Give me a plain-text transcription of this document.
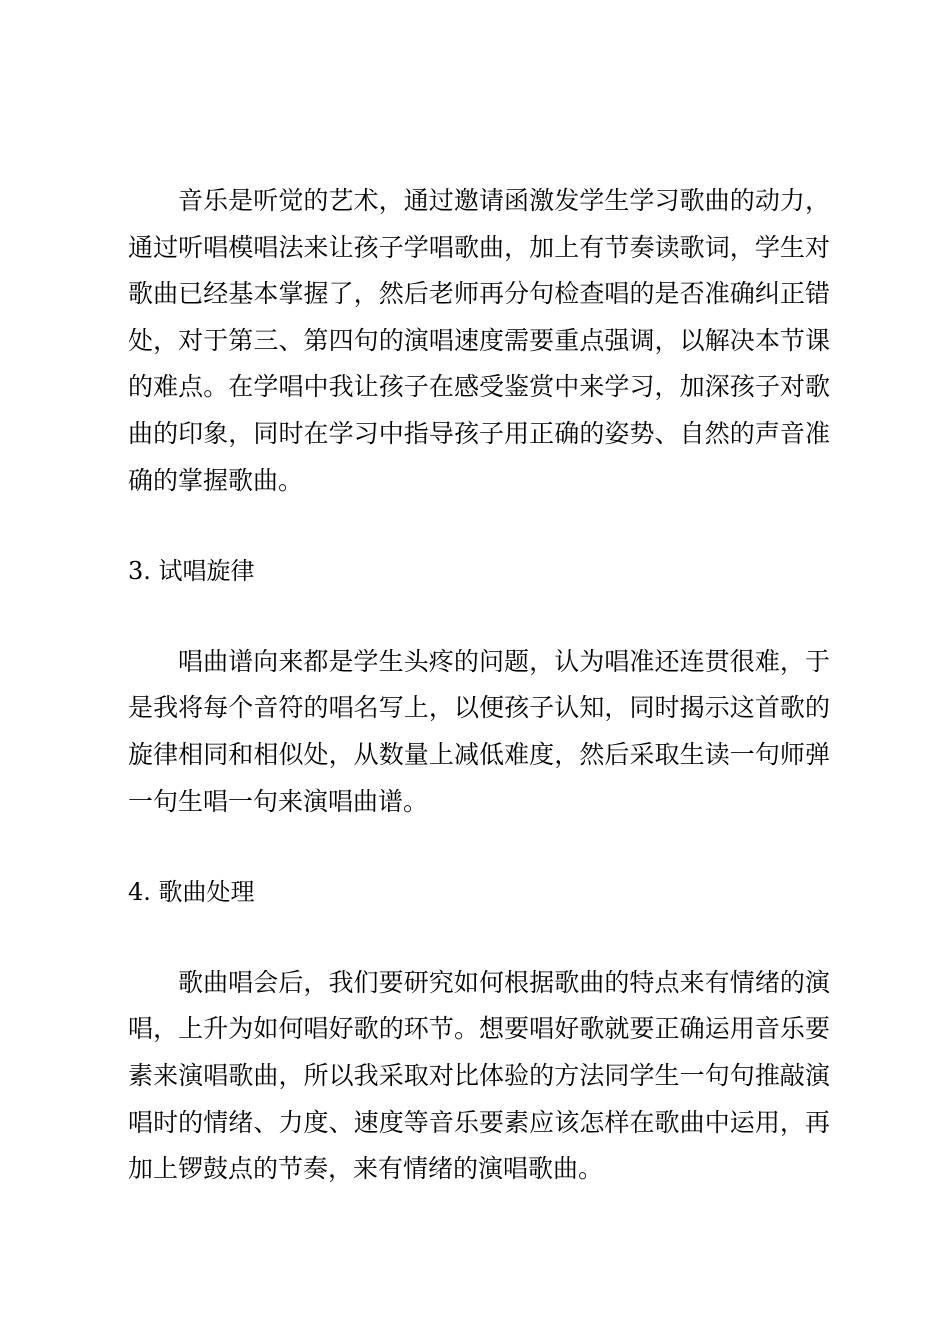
音乐是听觉的艺术，通过邀请函激发学生学习歌曲的动力，通过听唱模唱法来让孩子学唱歌曲，加上有节奏读歌词，学生对歌曲已经基本掌握了，然后老师再分句检查唱的是否准确纠正错处，对于第三、第四句的演唱速度需要重点强调，以解决本节课的难点。在学唱中我让孩子在感受鉴赏中来学习，加深孩子对歌曲的印象，同时在学习中指导孩子用正确的姿势、自然的声音准确的掌握歌曲。

3. 试唱旋律

唱曲谱向来都是学生头疼的问题，认为唱准还连贯很难，于是我将每个音符的唱名写上，以便孩子认知，同时揭示这首歌的旋律相同和相似处，从数量上减低难度，然后采取生读一句师弹一句生唱一句来演唱曲谱。

4. 歌曲处理

歌曲唱会后，我们要研究如何根据歌曲的特点来有情绪的演唱，上升为如何唱好歌的环节。想要唱好歌就要正确运用音乐要素来演唱歌曲，所以我采取对比体验的方法同学生一句句推敲演唱时的情绪、力度、速度等音乐要素应该怎样在歌曲中运用，再加上锣鼓点的节奏，来有情绪的演唱歌曲。
